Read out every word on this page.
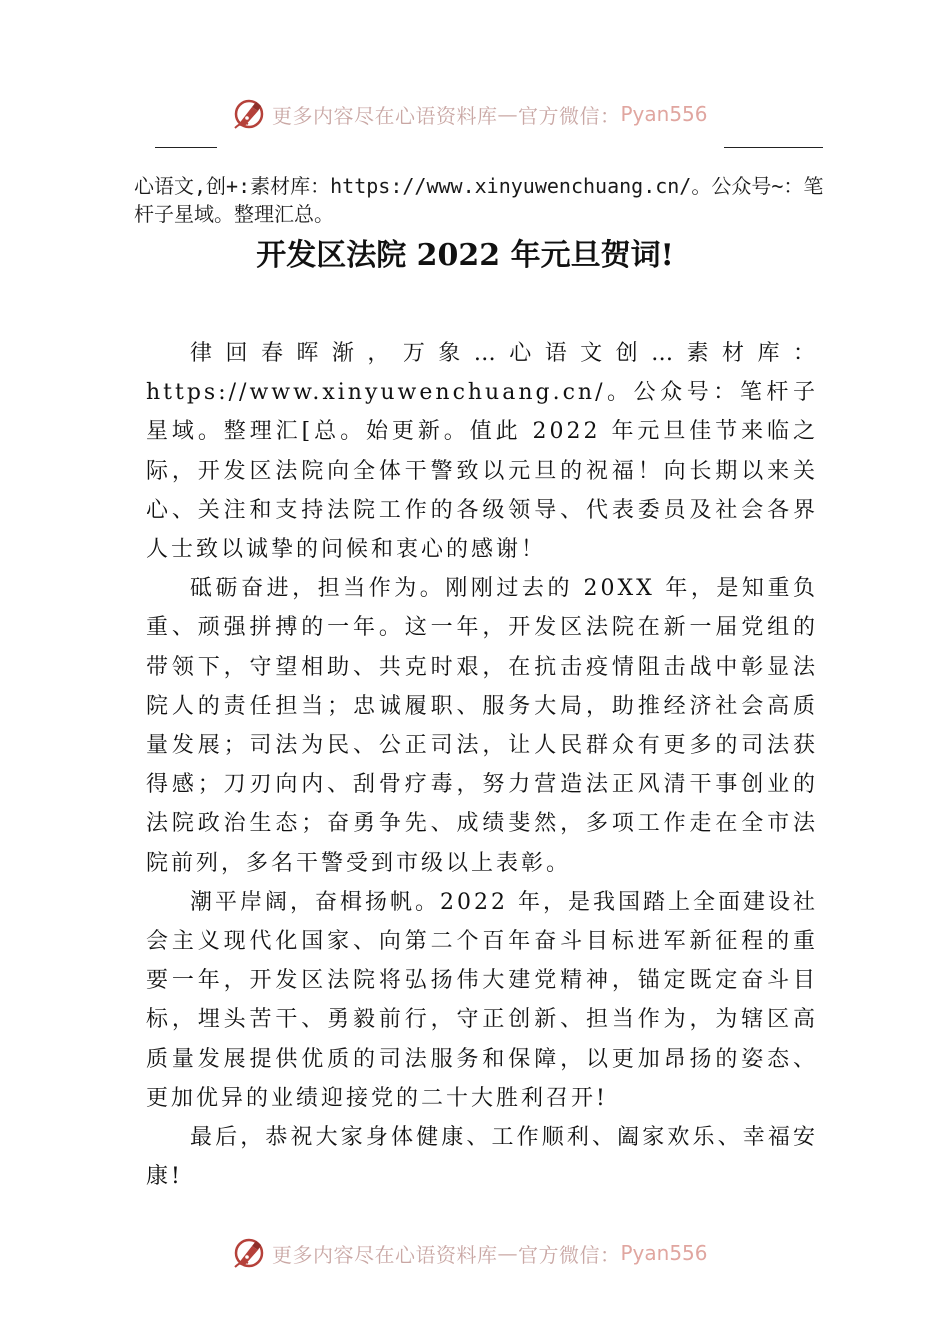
更多内容尽在心语资料库 — 官方微信： Pyan556
心语文,创+:素材库：https://www.xinyuwenchuang.cn/。公众号~：笔杆子星域。整理汇总。
开发区法院 2022 年元旦贺词!

律回春晖渐，万象…心语文创…素材库：https://www.xinyuwenchuang.cn/。公众号：笔杆子星域。整理汇[总。始更新。值此 2022 年元旦佳节来临之际，开发区法院向全体干警致以元旦的祝福！向长期以来关心、关注和支持法院工作的各级领导、代表委员及社会各界人士致以诚挚的问候和衷心的感谢！

砥砺奋进，担当作为。刚刚过去的 20XX 年，是知重负重、顽强拼搏的一年。这一年，开发区法院在新一届党组的带领下，守望相助、共克时艰，在抗击疫情阻击战中彰显法院人的责任担当；忠诚履职、服务大局，助推经济社会高质量发展；司法为民、公正司法，让人民群众有更多的司法获得感；刀刃向内、刮骨疗毒，努力营造法正风清干事创业的法院政治生态；奋勇争先、成绩斐然，多项工作走在全市法院前列，多名干警受到市级以上表彰。

潮平岸阔，奋楫扬帆。2022 年，是我国踏上全面建设社会主义现代化国家、向第二个百年奋斗目标进军新征程的重要一年，开发区法院将弘扬伟大建党精神，锚定既定奋斗目标，埋头苦干、勇毅前行，守正创新、担当作为，为辖区高质量发展提供优质的司法服务和保障，以更加昂扬的姿态、 更加优异的业绩迎接党的二十大胜利召开!

最后，恭祝大家身体健康、工作顺利、阖家欢乐、幸福安康!

更多内容尽在心语资料库 — 官方微信： Pyan556
